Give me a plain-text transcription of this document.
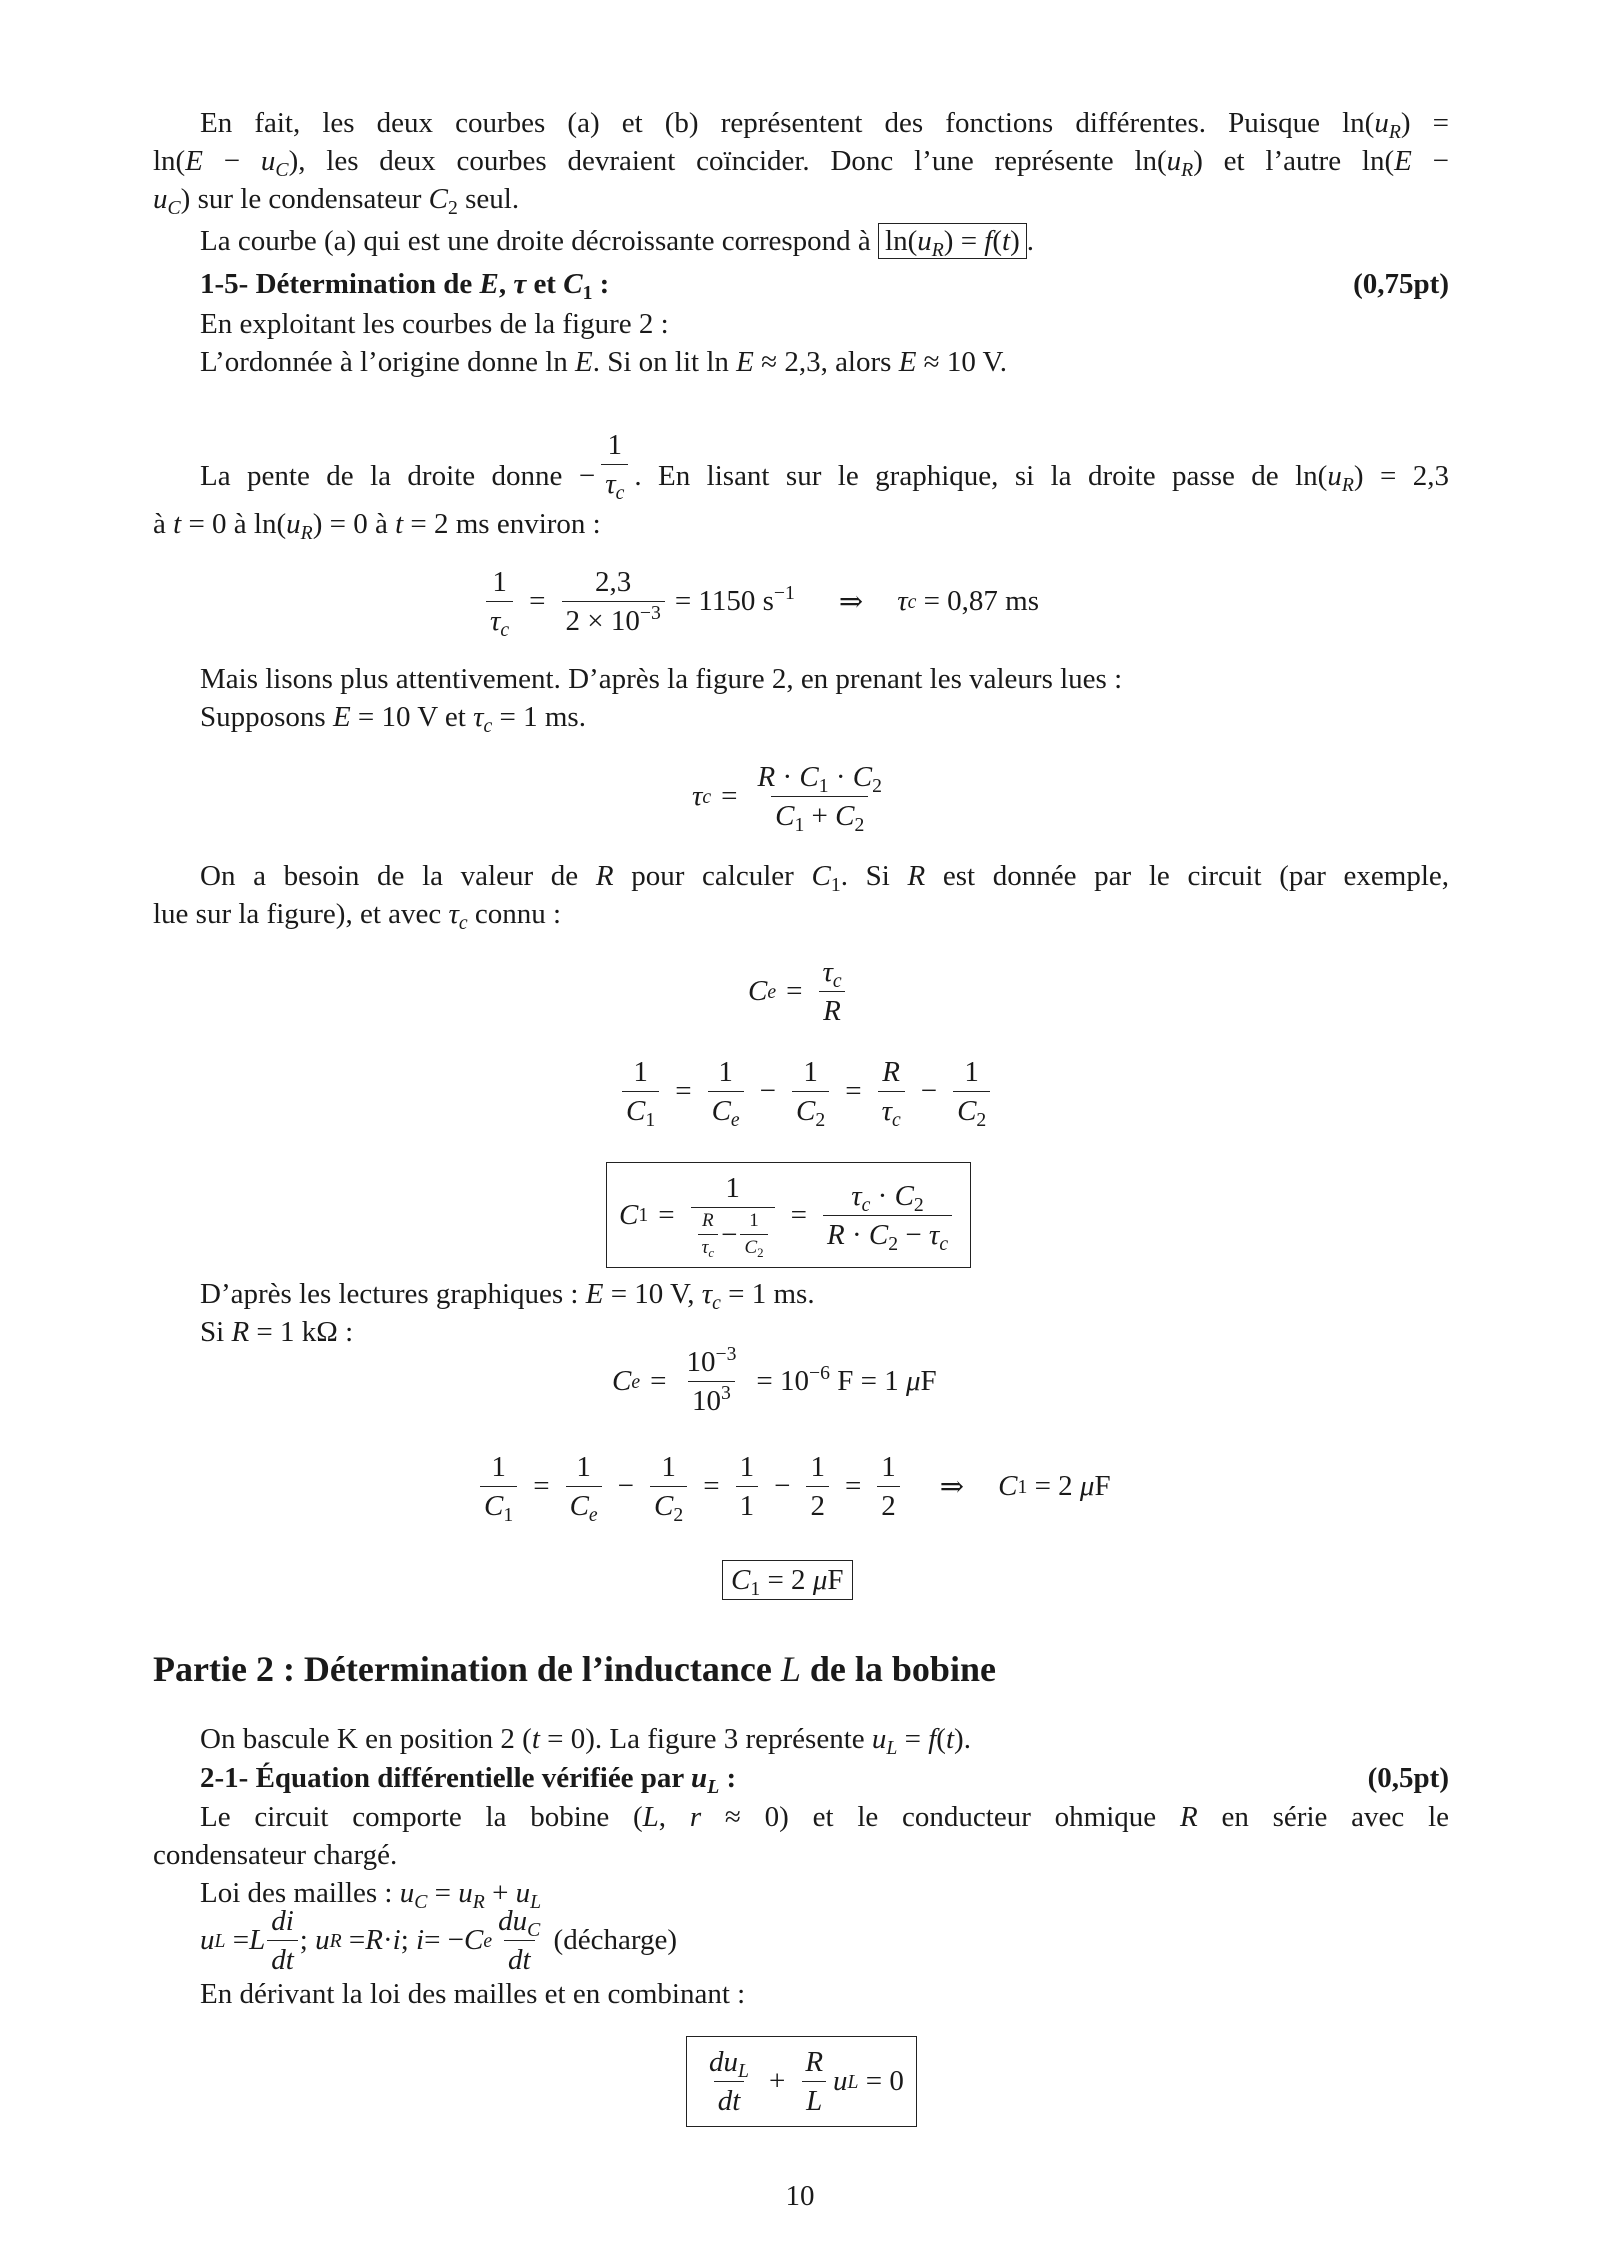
En fait, les deux courbes (a) et (b) représentent des fonctions différentes. Puisque $\ln(u_R)$ =
$\ln(E - u_C)$, les deux courbes devraient coïncider. Donc l’une représente $\ln(u_R)$ et l’autre ln(E −
$u_C$) sur le condensateur $C_2$ seul.
La courbe (a) qui est une droite décroissante correspond à $\ln(u_R) = f(t)$ .
1-5- Détermination de E, τ et $C_1$ :	(0,75pt)
En exploitant les courbes de la figure 2 :
L’ordonnée à l’origine donne ln E. Si on lit ln E ≈ 2,3, alors E ≈ 10 V.
La pente de la droite donne − $\frac{1}{\tau_c}$ . En lisant sur le graphique, si la droite passe de $\ln(u_R) = 2,3$
à t = 0 à $\ln(u_R) = 0$ à t = 2 ms environ :
$\frac{1}{\tau_c} = \frac{2,3}{2 \times 10^{-3}} = 1150$ $s^{-1}$ ⇒ τ c
= 0,87 ms
Mais lisons plus attentivement. D’après la figure 2, en prenant les valeurs lues :
Supposons E = 10 V et $\tau_c = 1$ ms.
τ $c = \frac{R \cdot C_1 \cdot C_2}{C_1 + C_2}$
On a besoin de la valeur de R pour calculer $C_1$. Si R est donnée par le circuit (par exemple,
lue sur la figure), et avec $\tau_c$ connu :
C $e = \frac{\tau_c}{R}$
$\frac{1}{C_1} = \frac{1}{C_e} - \frac{1}{C_2} = \frac{R}{\tau_c} - \frac{1}{C_2}$
C $1 = \frac{1}{\frac{R}{\tau_c} - \frac{1}{C_2}} = \frac{\tau_c \cdot C_2}{R \cdot C_2 - \tau_c}$
D’après les lectures graphiques : E = 10 V, $\tau_c = 1$ ms.
Si R = 1 kΩ :
C $e = \frac{10^{-3}}{10^3} = 10^{-6}$ F = 1 μF
$\frac{1}{C_1} = \frac{1}{C_e} - \frac{1}{C_2} = \frac{1}{1} - \frac{1}{2} = \frac{1}{2}$ ⇒ C 1
= 2
μ F
$C_1 = 2$ μF
Partie 2 : Détermination de l’inductance L de la bobine
On bascule K en position 2 (t = 0). La figure 3 représente $u_L = f(t)$.
2-1- Équation différentielle vérifiée par $u_L$ :	(0,5pt)
Le circuit comporte la bobine (L, r ≈ 0) et le conducteur ohmique R en série avec le
condensateur chargé.
Loi des mailles : $u_C = u_R + u_L$
u L = L $\frac{di}{dt}$ ; u R = R · i ; i = − C e $\frac{du_C}{dt}$
(décharge)
En dérivant la loi des mailles et en combinant :
$\frac{du_L}{dt} + \frac{R}{L}$ u L = 0
10
